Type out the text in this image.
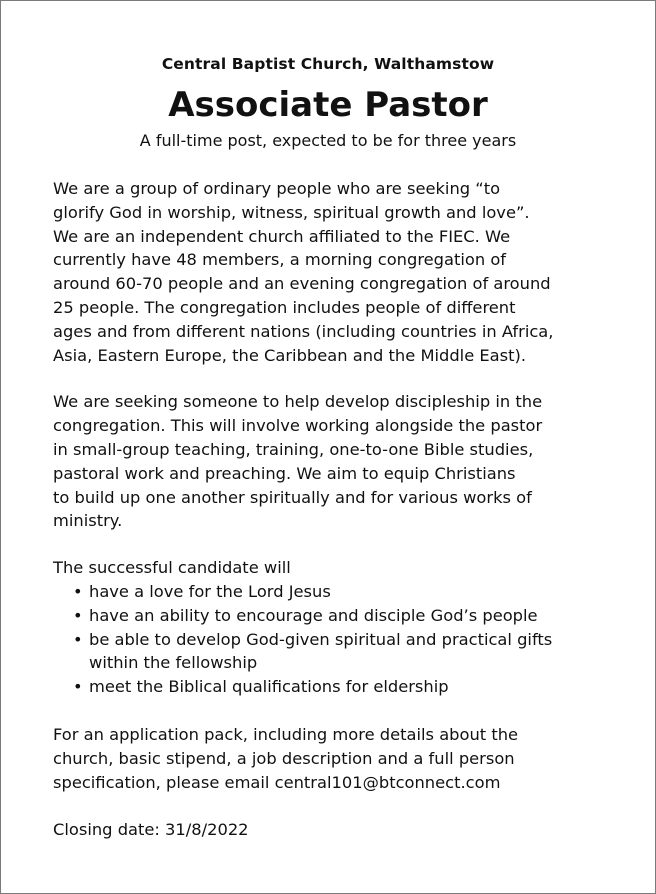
Central Baptist Church, Walthamstow
Associate Pastor
A full-time post, expected to be for three years

We are a group of ordinary people who are seeking “to
glorify God in worship, witness, spiritual growth and love”.
We are an independent church affiliated to the FIEC. We
currently have 48 members, a morning congregation of
around 60-70 people and an evening congregation of around
25 people. The congregation includes people of different
ages and from different nations (including countries in Africa,
Asia, Eastern Europe, the Caribbean and the Middle East).

We are seeking someone to help develop discipleship in the
congregation. This will involve working alongside the pastor
in small-group teaching, training, one-to-one Bible studies,
pastoral work and preaching. We aim to equip Christians
to build up one another spiritually and for various works of
ministry.

The successful candidate will

• have a love for the Lord Jesus
• have an ability to encourage and disciple God’s people
• be able to develop God-given spiritual and practical gifts
within the fellowship
• meet the Biblical qualifications for eldership

For an application pack, including more details about the
church, basic stipend, a job description and a full person
specification, please email central101@btconnect.com

Closing date: 31/8/2022
